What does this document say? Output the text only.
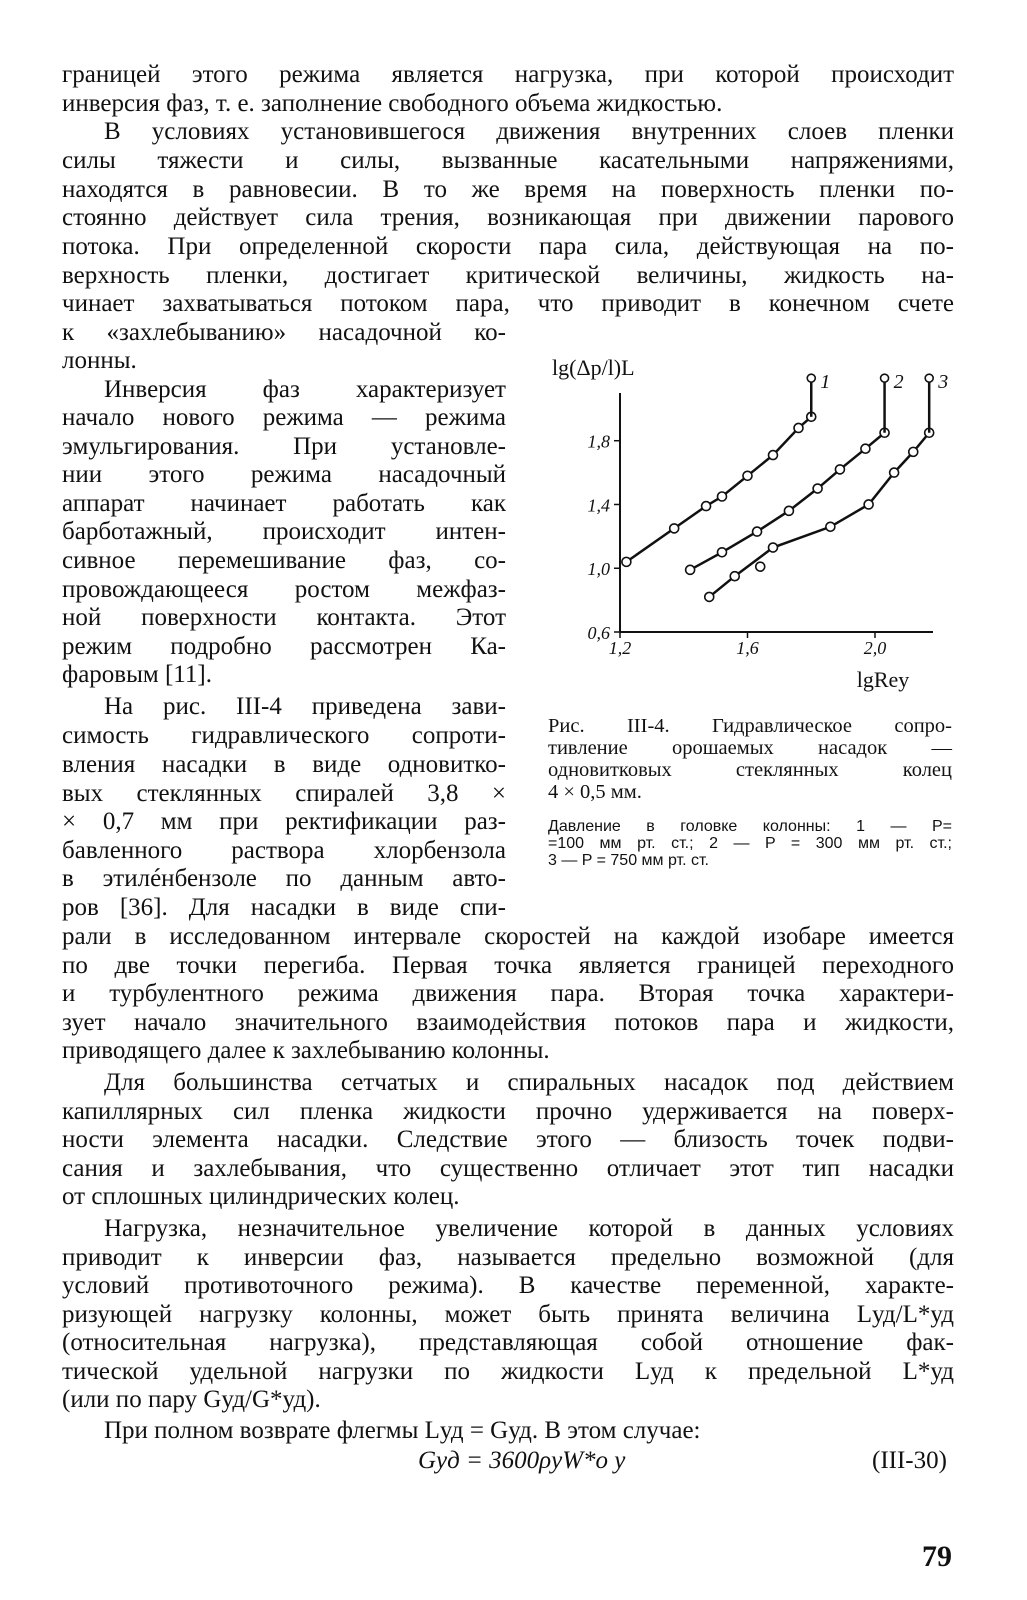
границей этого режима является нагрузка, при которой происходит
инверсия фаз, т. е. заполнение свободного объема жидкостью.
В условиях установившегося движения внутренних слоев пленки
силы тяжести и силы, вызванные касательными напряжениями,
находятся в равновесии. В то же время на поверхность пленки по-
стоянно действует сила трения, возникающая при движении парового
потока. При определенной скорости пара сила, действующая на по-
верхность пленки, достигает критической величины, жидкость на-
чинает захватываться потоком пара, что приводит в конечном счете
к «захлебыванию» насадочной ко-
лонны.
Инверсия фаз характеризует
начало нового режима — режима
эмульгирования. При установле-
нии этого режима насадочный
аппарат начинает работать как
барботажный, происходит интен-
сивное перемешивание фаз, со-
провождающееся ростом межфаз-
ной поверхности контакта. Этот
режим подробно рассмотрен Ка-
фаровым [11].
На рис. III-4 приведена зави-
симость гидравлического сопроти-
вления насадки в виде одновитко-
вых стеклянных спиралей 3,8 ×
× 0,7 мм при ректификации раз-
бавленного раствора хлорбензола
в этилéнбензоле по данным авто-
ров [36]. Для насадки в виде спи-
рали в исследованном интервале скоростей на каждой изобаре имеется
по две точки перегиба. Первая точка является границей переходного
и турбулентного режима движения пара. Вторая точка характери-
зует начало значительного взаимодействия потоков пара и жидкости,
приводящего далее к захлебыванию колонны.
Для большинства сетчатых и спиральных насадок под действием
капиллярных сил пленка жидкости прочно удерживается на поверх-
ности элемента насадки. Следствие этого — близость точек подви-
сания и захлебывания, что существенно отличает этот тип насадки
от сплошных цилиндрических колец.
Нагрузка, незначительное увеличение которой в данных условиях
приводит к инверсии фаз, называется предельно возможной (для
условий противоточного режима). В качестве переменной, характе-
ризующей нагрузку колонны, может быть принята величина Lуд/L*уд
(относительная нагрузка), представляющая собой отношение фак-
тической удельной нагрузки по жидкости Lуд к предельной L*уд
(или по пару Gуд/G*уд).
При полном возврате флегмы Lуд = Gуд. В этом случае:
0,6
1,0
1,4
1,8
1,2	1,6	2,0
lg(Δp/l)L
lgReу
1	2 3
Рис. III-4. Гидравлическое сопро-
тивление орошаемых насадок —
одновитковых стеклянных колец
4 × 0,5 мм.
Давление в головке колонны: 1 — P=
=100 мм рт. ст.; 2 — P = 300 мм рт. ст.;
3 — P = 750 мм рт. ст.
Gуд = 3600ρyW*o y	(III-30)
79
